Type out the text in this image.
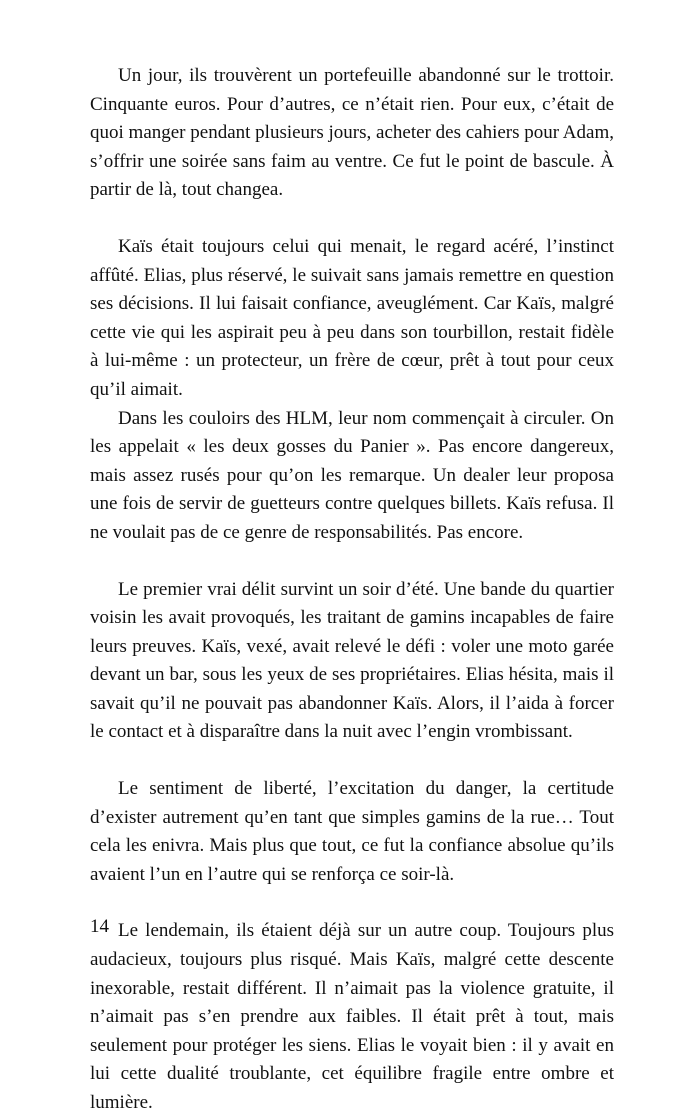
Un jour, ils trouvèrent un portefeuille abandonné sur le trottoir. Cinquante euros. Pour d’autres, ce n’était rien. Pour eux, c’était de quoi manger pendant plusieurs jours, acheter des cahiers pour Adam, s’offrir une soirée sans faim au ventre. Ce fut le point de bascule. À partir de là, tout changea.

Kaïs était toujours celui qui menait, le regard acéré, l’instinct affûté. Elias, plus réservé, le suivait sans jamais remettre en question ses décisions. Il lui faisait confiance, aveuglément. Car Kaïs, malgré cette vie qui les aspirait peu à peu dans son tourbillon, restait fidèle à lui-même : un protecteur, un frère de cœur, prêt à tout pour ceux qu’il aimait.

Dans les couloirs des HLM, leur nom commençait à circuler. On les appelait « les deux gosses du Panier ». Pas encore dangereux, mais assez rusés pour qu’on les remarque. Un dealer leur proposa une fois de servir de guetteurs contre quelques billets. Kaïs refusa. Il ne voulait pas de ce genre de responsabilités. Pas encore.

Le premier vrai délit survint un soir d’été. Une bande du quartier voisin les avait provoqués, les traitant de gamins incapables de faire leurs preuves. Kaïs, vexé, avait relevé le défi : voler une moto garée devant un bar, sous les yeux de ses propriétaires. Elias hésita, mais il savait qu’il ne pouvait pas abandonner Kaïs. Alors, il l’aida à forcer le contact et à disparaître dans la nuit avec l’engin vrombissant.

Le sentiment de liberté, l’excitation du danger, la certitude d’exister autrement qu’en tant que simples gamins de la rue… Tout cela les enivra. Mais plus que tout, ce fut la confiance absolue qu’ils avaient l’un en l’autre qui se renforça ce soir-là.

Le lendemain, ils étaient déjà sur un autre coup. Toujours plus audacieux, toujours plus risqué. Mais Kaïs, malgré cette descente inexorable, restait différent. Il n’aimait pas la violence gratuite, il n’aimait pas s’en prendre aux faibles. Il était prêt à tout, mais seulement pour protéger les siens. Elias le voyait bien : il y avait en lui cette dualité troublante, cet équilibre fragile entre ombre et lumière.

14
